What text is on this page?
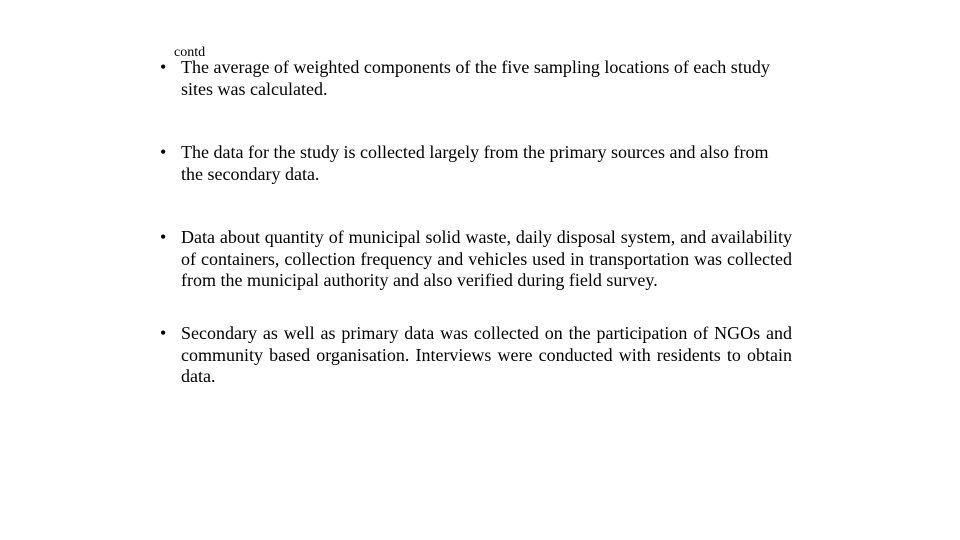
contd
• The average of weighted components of the five sampling locations of each study sites was calculated.
• The data for the study is collected largely from the primary sources and also from the secondary data.
• Data about quantity of municipal solid waste, daily disposal system, and availability of containers, collection frequency and vehicles used in transportation was collected from the municipal authority and also verified during field survey.
• Secondary as well as primary data was collected on the participation of NGOs and community based organisation. Interviews were conducted with residents to obtain data.
